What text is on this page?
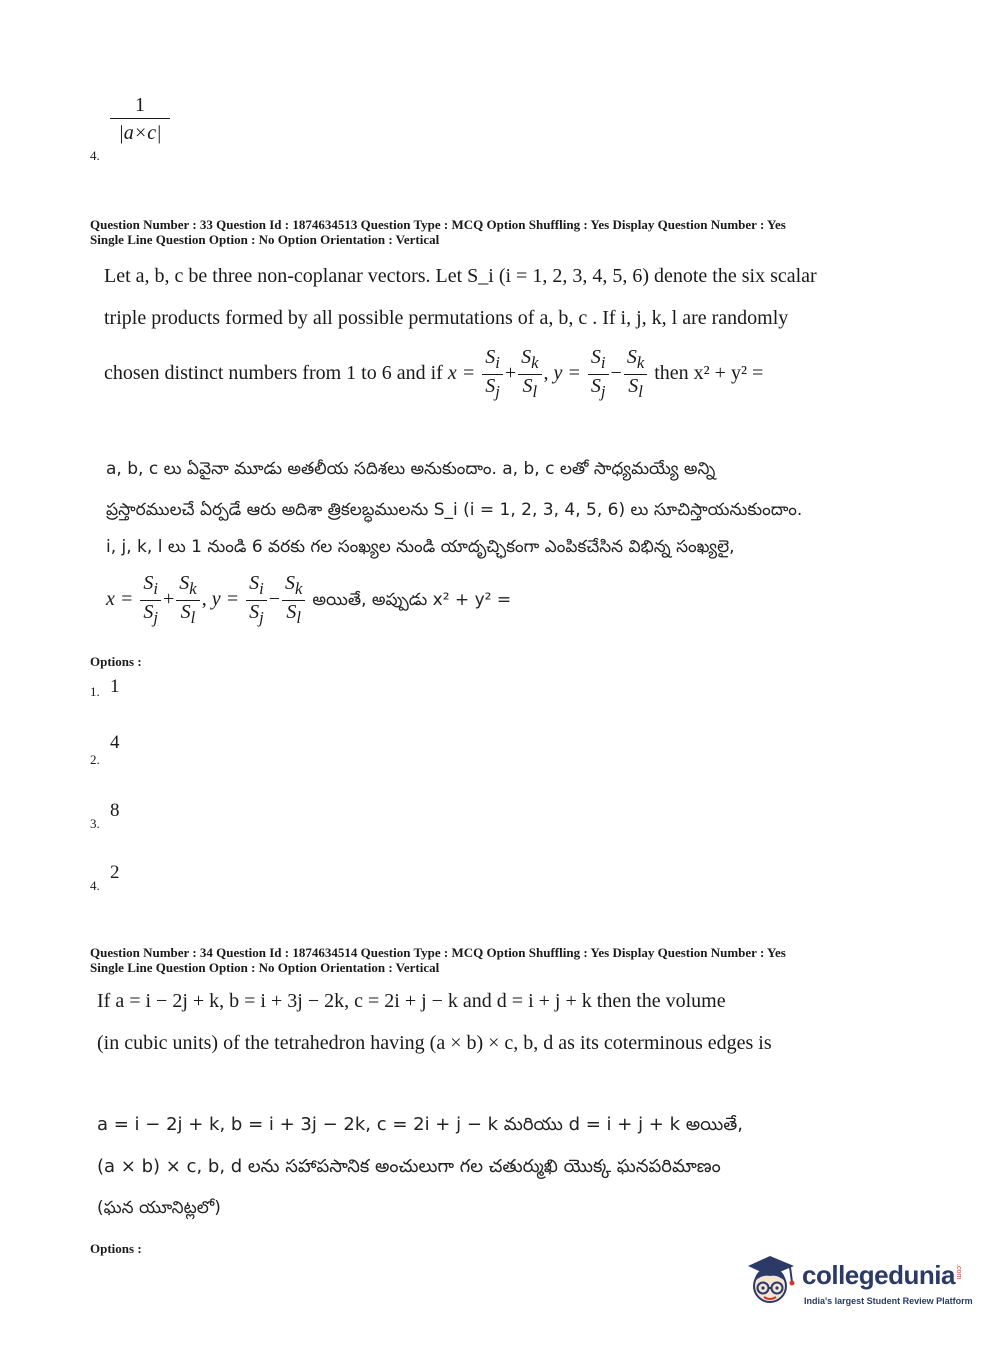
4.
$\frac{1}{|a\times c|}$
Question Number : 33 Question Id : 1874634513 Question Type : MCQ Option Shuffling : Yes Display Question Number : Yes
Single Line Question Option : No Option Orientation : Vertical
Let a, b, c be three non-coplanar vectors. Let S_i (i = 1, 2, 3, 4, 5, 6) denote the six scalar
triple products formed by all possible permutations of a, b, c . If i, j, k, l are randomly
chosen distinct numbers from 1 to 6 and if $x = \frac{S_i}{S_j} + \frac{S_k}{S_l}$ , $y = \frac{S_i}{S_j} - \frac{S_k}{S_l}$ then x² + y² =
a, b, c లు ఏవైనా మూడు అతలీయ సదిశలు అనుకుందాం. a, b, c లతో సాధ్యమయ్యే అన్ని
ప్రస్తారములచే ఏర్పడే ఆరు అదిశా త్రికలబ్ధములను S_i (i = 1, 2, 3, 4, 5, 6) లు సూచిస్తాయనుకుందాం.
i, j, k, l లు 1 నుండి 6 వరకు గల సంఖ్యల నుండి యాదృచ్ఛికంగా ఎంపికచేసిన విభిన్న సంఖ్యలై,
$x = \frac{S_i}{S_j} + \frac{S_k}{S_l}$ , $y = \frac{S_i}{S_j} - \frac{S_k}{S_l}$ అయితే, అప్పుడు x² + y² =
Options :
1. 1
2.
4
3.
8
4.
2
Question Number : 34 Question Id : 1874634514 Question Type : MCQ Option Shuffling : Yes Display Question Number : Yes
Single Line Question Option : No Option Orientation : Vertical
If a = i − 2j + k, b = i + 3j − 2k, c = 2i + j − k and d = i + j + k then the volume
(in cubic units) of the tetrahedron having (a × b) × c, b, d as its coterminous edges is
a = i − 2j + k, b = i + 3j − 2k, c = 2i + j − k మరియు d = i + j + k అయితే,
(a × b) × c, b, d లను సహాపసానిక అంచులుగా గల చతుర్ముఖి యొక్క ఘనపరిమాణం
(ఘన యూనిట్లలో)
Options :
collegedunia.com
India's largest Student Review Platform
